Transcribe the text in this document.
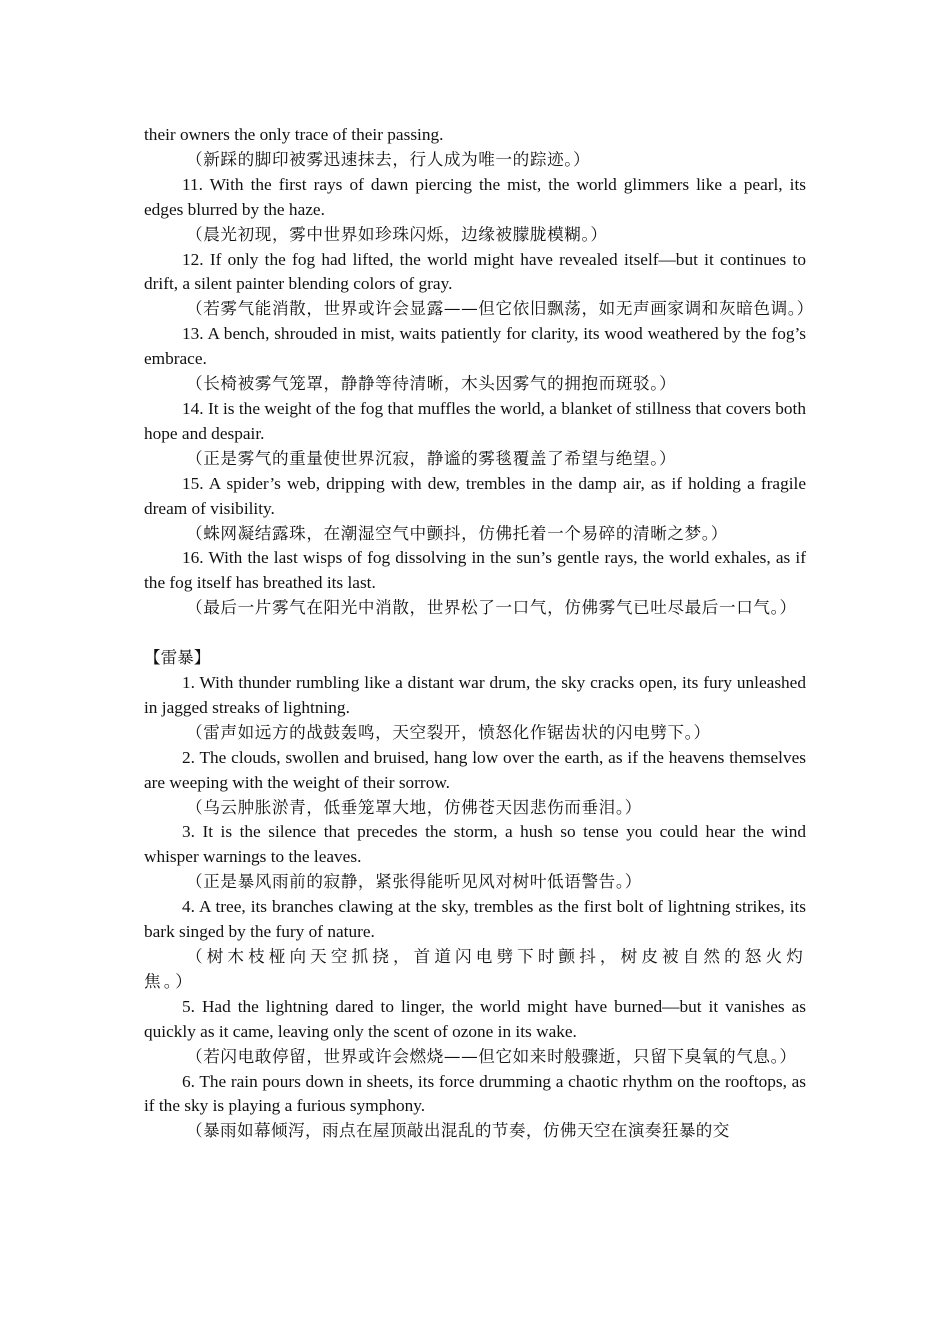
their owners the only trace of their passing.

（新踩的脚印被雾迅速抹去，行人成为唯一的踪迹。）

11. With the first rays of dawn piercing the mist, the world glimmers like a pearl, its edges blurred by the haze.

（晨光初现，雾中世界如珍珠闪烁，边缘被朦胧模糊。）

12. If only the fog had lifted, the world might have revealed itself—but it continues to drift, a silent painter blending colors of gray.

（若雾气能消散，世界或许会显露——但它依旧飘荡，如无声画家调和灰暗色调。）

13. A bench, shrouded in mist, waits patiently for clarity, its wood weathered by the fog’s embrace.

（长椅被雾气笼罩，静静等待清晰，木头因雾气的拥抱而斑驳。）

14. It is the weight of the fog that muffles the world, a blanket of stillness that covers both hope and despair.

（正是雾气的重量使世界沉寂，静谧的雾毯覆盖了希望与绝望。）

15. A spider’s web, dripping with dew, trembles in the damp air, as if holding a fragile dream of visibility.

（蛛网凝结露珠，在潮湿空气中颤抖，仿佛托着一个易碎的清晰之梦。）

16. With the last wisps of fog dissolving in the sun’s gentle rays, the world exhales, as if the fog itself has breathed its last.

（最后一片雾气在阳光中消散，世界松了一口气，仿佛雾气已吐尽最后一口气。）

【雷暴】

1. With thunder rumbling like a distant war drum, the sky cracks open, its fury unleashed in jagged streaks of lightning.

（雷声如远方的战鼓轰鸣，天空裂开，愤怒化作锯齿状的闪电劈下。）

2. The clouds, swollen and bruised, hang low over the earth, as if the heavens themselves are weeping with the weight of their sorrow.

（乌云肿胀淤青，低垂笼罩大地，仿佛苍天因悲伤而垂泪。）

3. It is the silence that precedes the storm, a hush so tense you could hear the wind whisper warnings to the leaves.

（正是暴风雨前的寂静，紧张得能听见风对树叶低语警告。）

4. A tree, its branches clawing at the sky, trembles as the first bolt of lightning strikes, its bark singed by the fury of nature.

（树木枝桠向天空抓挠，首道闪电劈下时颤抖，树皮被自然的怒火灼焦。）

5. Had the lightning dared to linger, the world might have burned—but it vanishes as quickly as it came, leaving only the scent of ozone in its wake.

（若闪电敢停留，世界或许会燃烧——但它如来时般骤逝，只留下臭氧的气息。）

6. The rain pours down in sheets, its force drumming a chaotic rhythm on the rooftops, as if the sky is playing a furious symphony.

（暴雨如幕倾泻，雨点在屋顶敲出混乱的节奏，仿佛天空在演奏狂暴的交
